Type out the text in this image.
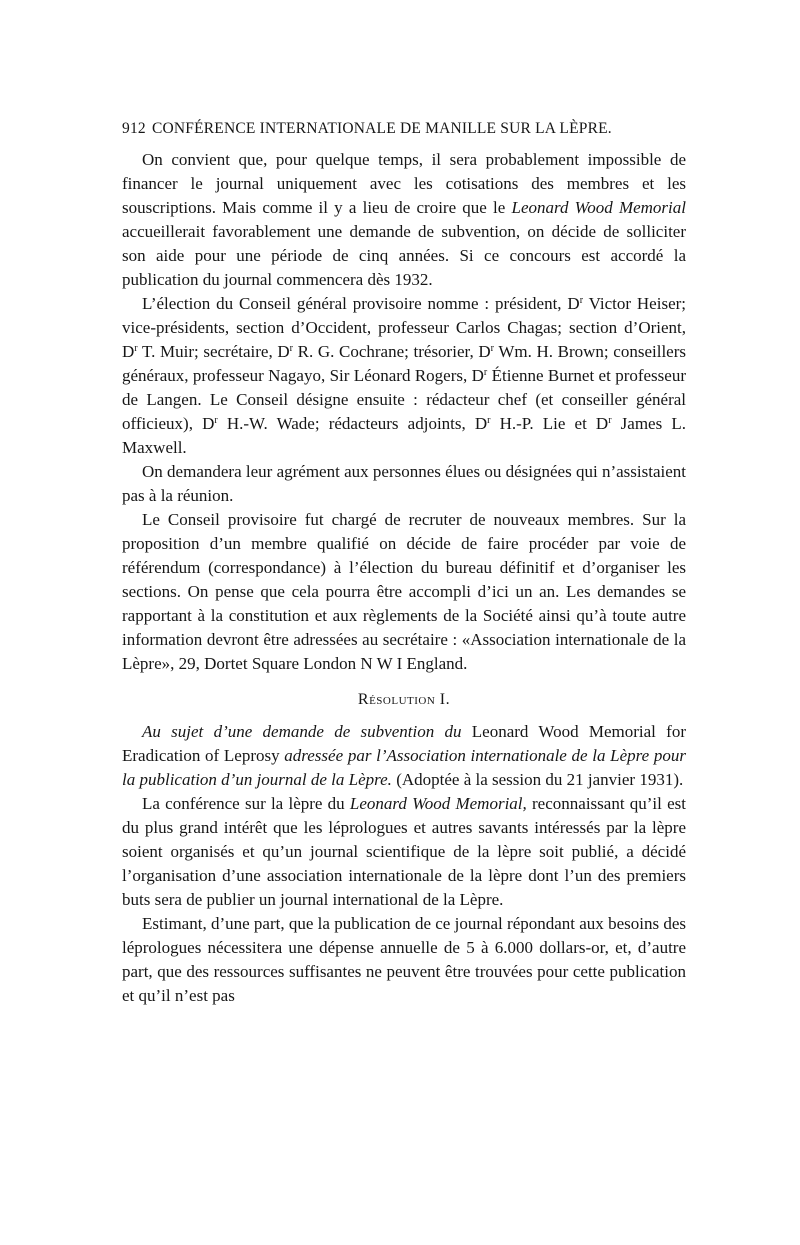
912 CONFÉRENCE INTERNATIONALE DE MANILLE SUR LA LÈPRE.

On convient que, pour quelque temps, il sera probablement impossible de financer le journal uniquement avec les cotisations des membres et les souscriptions. Mais comme il y a lieu de croire que le Leonard Wood Memorial accueillerait favorablement une demande de subvention, on décide de solliciter son aide pour une période de cinq années. Si ce concours est accordé la publication du journal commencera dès 1932.

L’élection du Conseil général provisoire nomme : président, $D^r$ Victor Heiser; vice-présidents, section d’Occident, professeur Carlos Chagas; section d’Orient, $D^r$ T. Muir; secrétaire, $D^r$ R. G. Cochrane; trésorier, $D^r$ Wm. H. Brown; conseillers généraux, professeur Nagayo, Sir Léonard Rogers, $D^r$ Étienne Burnet et professeur de Langen. Le Conseil désigne ensuite : rédacteur chef (et conseiller général officieux), $D^r$ H.-W. Wade; rédacteurs adjoints, $D^r$ H.-P. Lie et $D^r$ James L. Maxwell.

On demandera leur agrément aux personnes élues ou désignées qui n’assistaient pas à la réunion.

Le Conseil provisoire fut chargé de recruter de nouveaux membres. Sur la proposition d’un membre qualifié on décide de faire procéder par voie de référendum (correspondance) à l’élection du bureau définitif et d’organiser les sections. On pense que cela pourra être accompli d’ici un an. Les demandes se rapportant à la constitution et aux règlements de la Société ainsi qu’à toute autre information devront être adressées au secrétaire : «Association internationale de la Lèpre», 29, Dortet Square London N W I England.

Résolution I.

Au sujet d’une demande de subvention du Leonard Wood Memorial for Eradication of Leprosy adressée par l’Association internationale de la Lèpre pour la publication d’un journal de la Lèpre. (Adoptée à la session du 21 janvier 1931).

La conférence sur la lèpre du Leonard Wood Memorial, reconnaissant qu’il est du plus grand intérêt que les léprologues et autres savants intéressés par la lèpre soient organisés et qu’un journal scientifique de la lèpre soit publié, a décidé l’organisation d’une association internationale de la lèpre dont l’un des premiers buts sera de publier un journal international de la Lèpre.

Estimant, d’une part, que la publication de ce journal répondant aux besoins des léprologues nécessitera une dépense annuelle de 5 à 6.000 dollars-or, et, d’autre part, que des ressources suffisantes ne peuvent être trouvées pour cette publication et qu’il n’est pas
